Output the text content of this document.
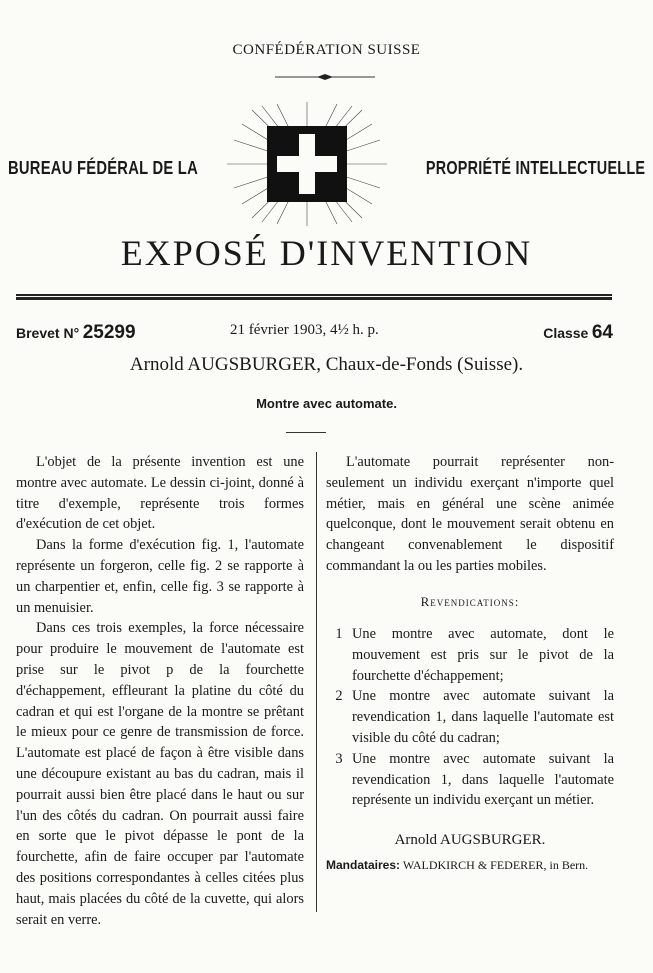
CONFÉDÉRATION SUISSE
BUREAU FÉDÉRAL DE LA	PROPRIÉTÉ INTELLECTUELLE
EXPOSÉ D'INVENTION
Brevet N° 25299	21 février 1903, 4½ h. p.	Classe 64
Arnold AUGSBURGER, Chaux-de-Fonds (Suisse).
Montre avec automate.

L'objet de la présente invention est une montre avec automate. Le dessin ci-joint, donné à titre d'exemple, représente trois formes d'exécution de cet objet.

Dans la forme d'exécution fig. 1, l'automate représente un forgeron, celle fig. 2 se rapporte à un charpentier et, enfin, celle fig. 3 se rapporte à un menuisier.

Dans ces trois exemples, la force nécessaire pour produire le mouvement de l'automate est prise sur le pivot p de la fourchette d'échappement, effleurant la platine du côté du cadran et qui est l'organe de la montre se prêtant le mieux pour ce genre de transmission de force. L'automate est placé de façon à être visible dans une découpure existant au bas du cadran, mais il pourrait aussi bien être placé dans le haut ou sur l'un des côtés du cadran. On pourrait aussi faire en sorte que le pivot dépasse le pont de la fourchette, afin de faire occuper par l'automate des positions correspondantes à celles citées plus haut, mais placées du côté de la cuvette, qui alors serait en verre.

L'automate pourrait représenter non-seulement un individu exerçant n'importe quel métier, mais en général une scène animée quelconque, dont le mouvement serait obtenu en changeant convenablement le dispositif commandant la ou les parties mobiles.

Revendications:
1 Une montre avec automate, dont le mouvement est pris sur le pivot de la fourchette d'échappement;
2 Une montre avec automate suivant la revendication 1, dans laquelle l'automate est visible du côté du cadran;
3 Une montre avec automate suivant la revendication 1, dans laquelle l'automate représente un individu exerçant un métier.
Arnold AUGSBURGER.
Mandataires: WALDKIRCH & FEDERER, in Bern.
